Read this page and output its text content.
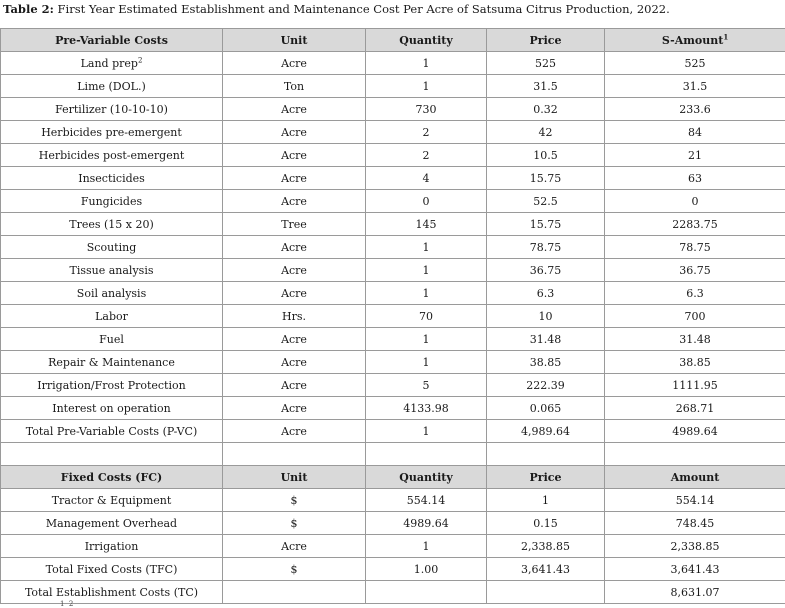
Table 2: First Year Estimated Establishment and Maintenance Cost Per Acre of Satsuma Citrus Production, 2022.
Pre-Variable Costs	Unit	Quantity	Price	S-Amount$^1$
Land prep$^2$	Acre	1	525	525
Lime (DOL.)	Ton	1	31.5	31.5
Fertilizer (10-10-10)	Acre	730	0.32	233.6
Herbicides pre-emergent	Acre	2	42	84
Herbicides post-emergent	Acre	2	10.5	21
Insecticides	Acre	4	15.75	63
Fungicides	Acre	0	52.5	0
Trees (15 x 20)	Tree	145	15.75	2283.75
Scouting	Acre	1	78.75	78.75
Tissue analysis	Acre	1	36.75	36.75
Soil analysis	Acre	1	6.3	6.3
Labor	Hrs.	70	10	700
Fuel	Acre	1	31.48	31.48
Repair & Maintenance	Acre	1	38.85	38.85
Irrigation/Frost Protection	Acre	5	222.39	1111.95
Interest on operation	Acre	4133.98	0.065	268.71
Total Pre-Variable Costs (P-VC)	Acre	1	4,989.64	4989.64

Fixed Costs (FC)	Unit	Quantity	Price	Amount
Tractor & Equipment	$	554.14	1	554.14
Management Overhead	$	4989.64	0.15	748.45
Irrigation	Acre	1	2,338.85	2,338.85
Total Fixed Costs (TFC)	$	1.00	3,641.43	3,641.43
Total Establishment Costs (TC)				8,631.07
1  2
